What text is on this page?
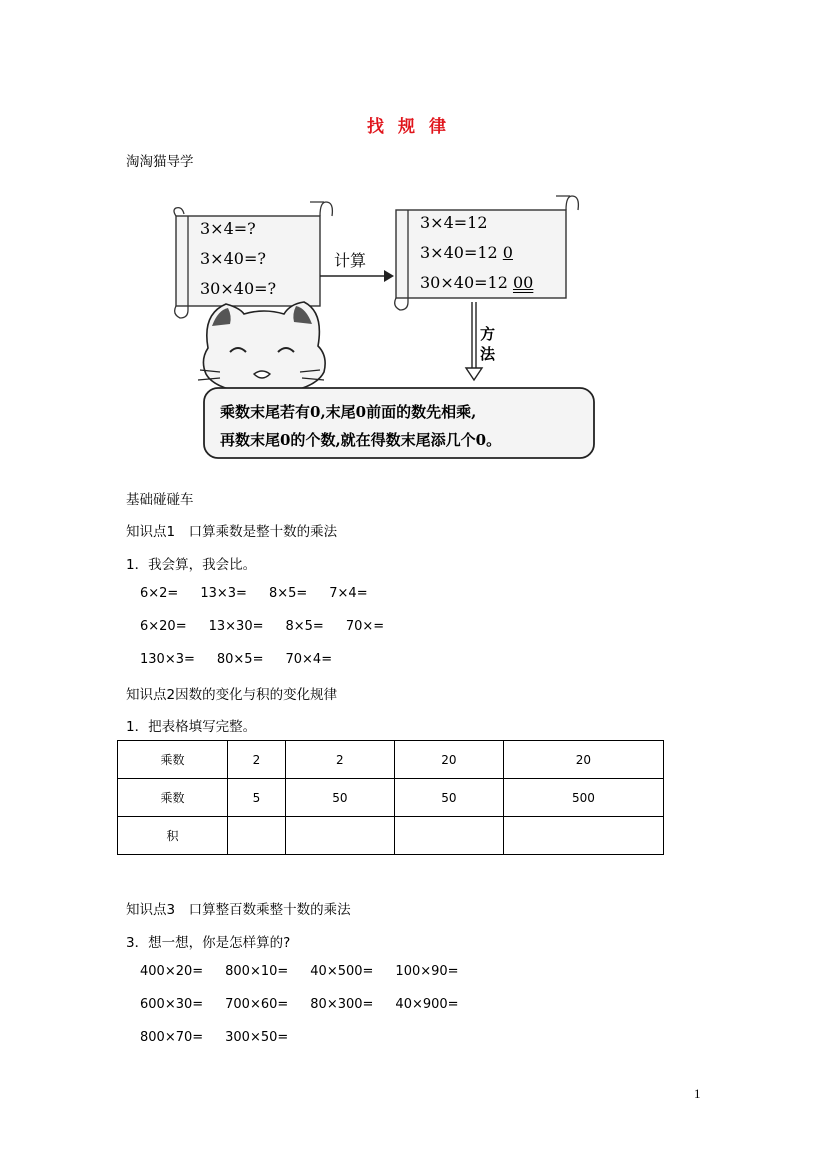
找规律
淘淘猫导学
3×4=?
3×40=?
30×40=?
计算
3×4=12
3×40=12 0
30×40=12 00
方法
乘数末尾若有0,末尾0前面的数先相乘,
再数末尾0的个数,就在得数末尾添几个0。
基础碰碰车
知识点1　口算乘数是整十数的乘法
1．我会算，我会比。
6×2= 13×3= 8×5= 7×4=
6×20= 13×30= 8×5= 70×=
130×3= 80×5= 70×4=
知识点2因数的变化与积的变化规律
1．把表格填写完整。
乘数	2	2	20	20
乘数	5	50	50	500
积				
知识点3　口算整百数乘整十数的乘法
3．想一想，你是怎样算的?
400×20= 800×10= 40×500= 100×90=
600×30= 700×60= 80×300= 40×900=
800×70= 300×50=
1
